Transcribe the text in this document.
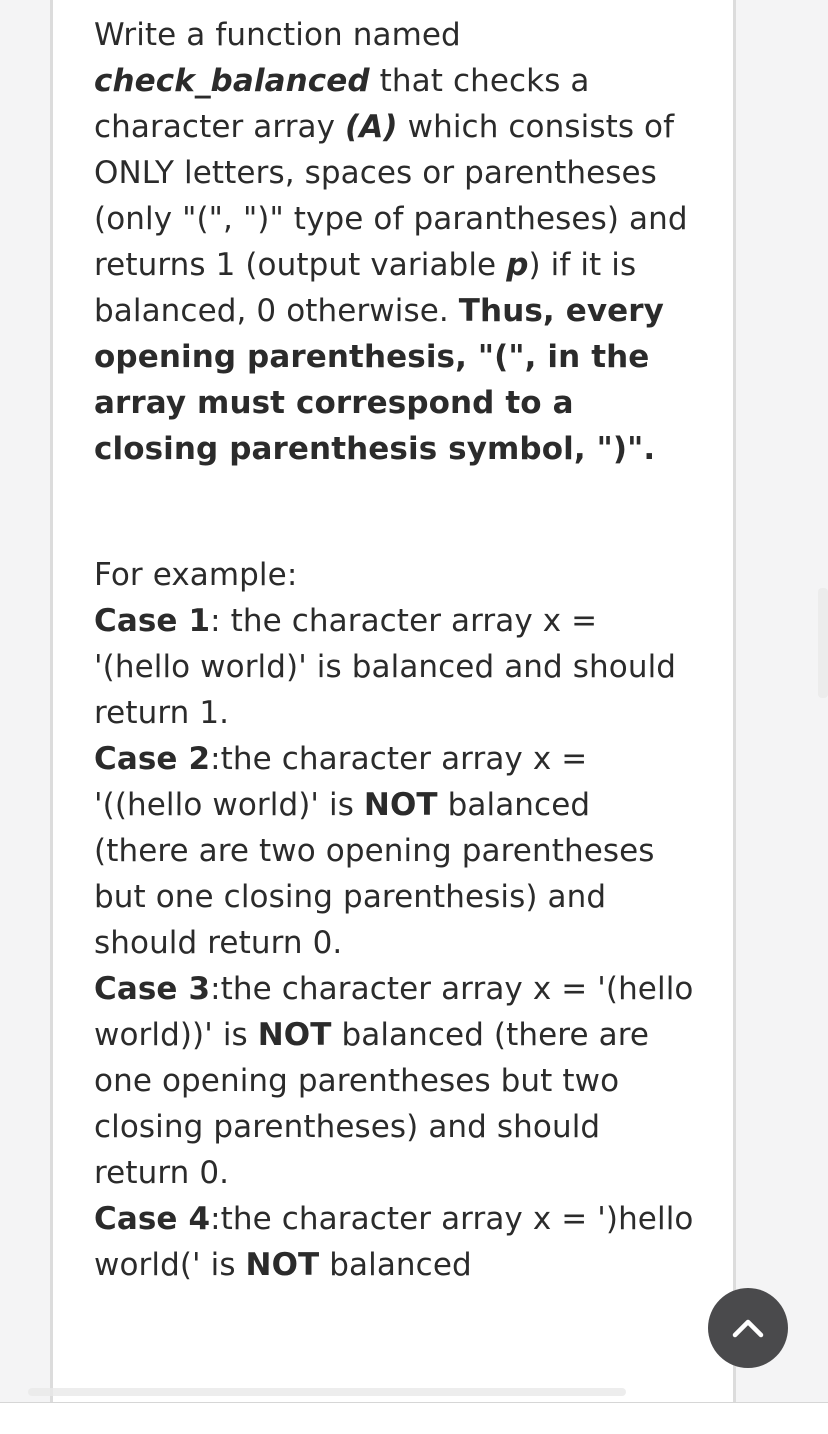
Write a function named check_balanced that checks a character array (A) which consists of ONLY letters, spaces or parentheses (only "(", ")" type of parantheses) and returns 1 (output variable p) if it is balanced, 0 otherwise. Thus, every opening parenthesis, "(", in the array must correspond to a closing parenthesis symbol, ")".

For example:

Case 1: the character array x = '(hello world)' is balanced and should return 1.

Case 2:the character array x = '((hello world)' is NOT balanced (there are two opening parentheses but one closing parenthesis) and should return 0.

Case 3:the character array x = '(hello world))' is NOT balanced (there are one opening parentheses but two closing parentheses) and should return 0.

Case 4:the character array x = ')hello world(' is NOT balanced
